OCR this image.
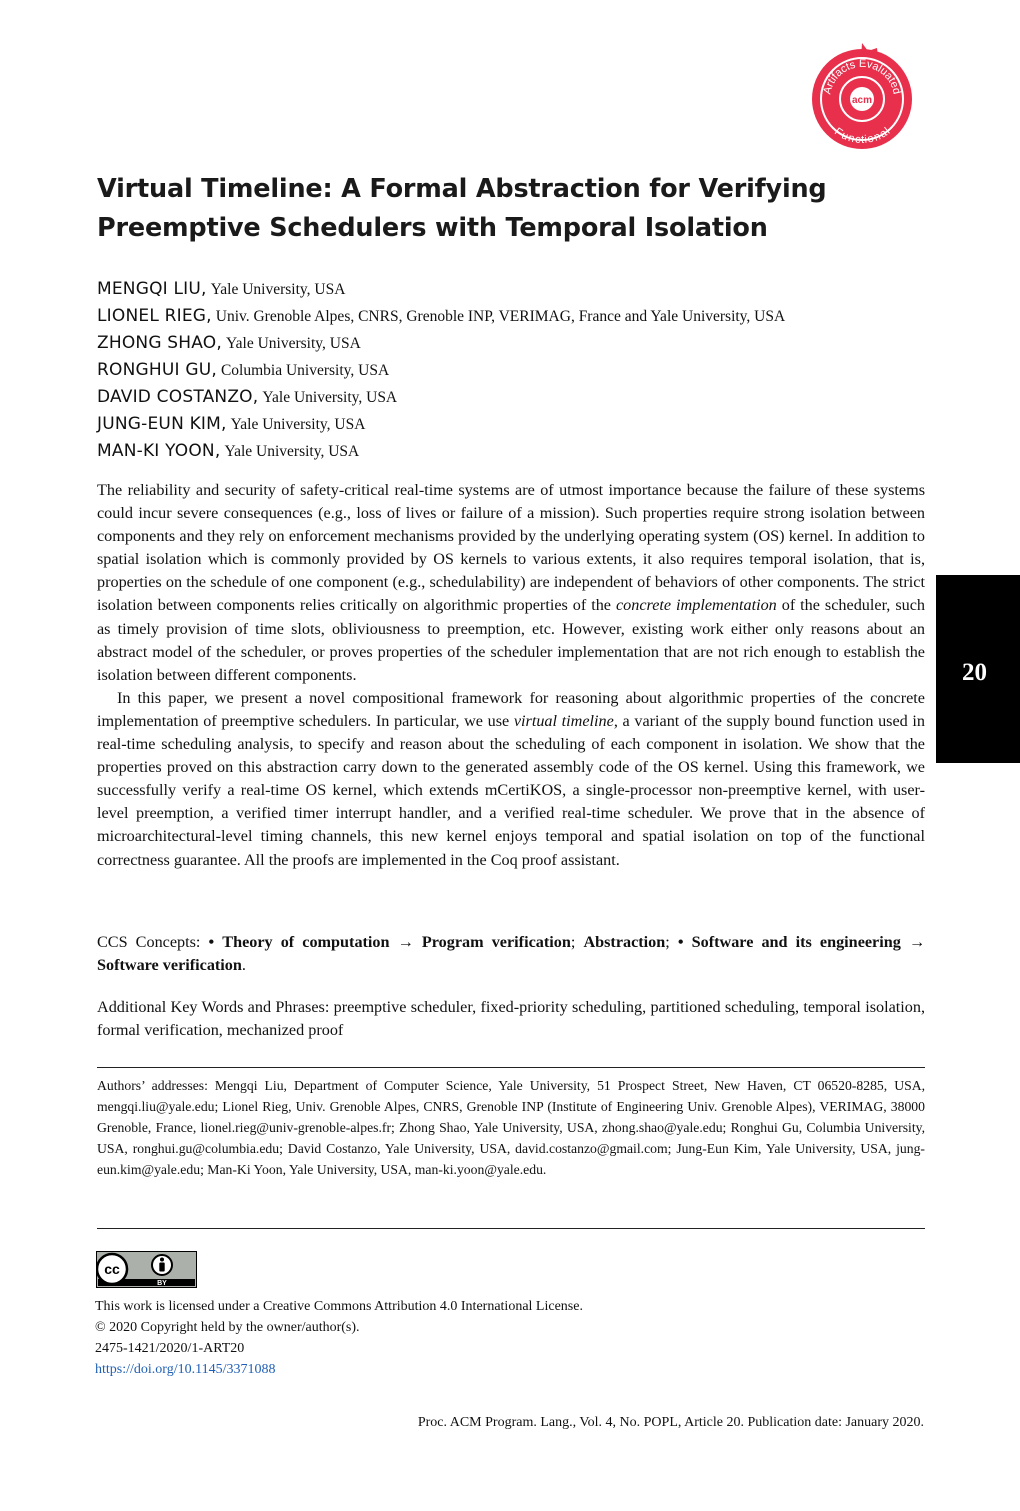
acm
Artifacts Evaluated
Functional
Virtual Timeline: A Formal Abstraction for Verifying Preemptive Schedulers with Temporal Isolation
MENGQI LIU, Yale University, USA
LIONEL RIEG, Univ. Grenoble Alpes, CNRS, Grenoble INP, VERIMAG, France and Yale University, USA
ZHONG SHAO, Yale University, USA
RONGHUI GU, Columbia University, USA
DAVID COSTANZO, Yale University, USA
JUNG-EUN KIM, Yale University, USA
MAN-KI YOON, Yale University, USA

The reliability and security of safety-critical real-time systems are of utmost importance because the failure of these systems could incur severe consequences (e.g., loss of lives or failure of a mission). Such properties require strong isolation between components and they rely on enforcement mechanisms provided by the underlying operating system (OS) kernel. In addition to spatial isolation which is commonly provided by OS kernels to various extents, it also requires temporal isolation, that is, properties on the schedule of one component (e.g., schedulability) are independent of behaviors of other components. The strict isolation between components relies critically on algorithmic properties of the concrete implementation of the scheduler, such as timely provision of time slots, obliviousness to preemption, etc. However, existing work either only reasons about an abstract model of the scheduler, or proves properties of the scheduler implementation that are not rich enough to establish the isolation between different components.

In this paper, we present a novel compositional framework for reasoning about algorithmic properties of the concrete implementation of preemptive schedulers. In particular, we use virtual timeline, a variant of the supply bound function used in real-time scheduling analysis, to specify and reason about the scheduling of each component in isolation. We show that the properties proved on this abstraction carry down to the generated assembly code of the OS kernel. Using this framework, we successfully verify a real-time OS kernel, which extends mCertiKOS, a single-processor non-preemptive kernel, with user-level preemption, a verified timer interrupt handler, and a verified real-time scheduler. We prove that in the absence of microarchitectural-level timing channels, this new kernel enjoys temporal and spatial isolation on top of the functional correctness guarantee. All the proofs are implemented in the Coq proof assistant.

CCS Concepts: • Theory of computation → Program verification; Abstraction; • Software and its engineering → Software verification.
Additional Key Words and Phrases: preemptive scheduler, fixed-priority scheduling, partitioned scheduling, temporal isolation, formal verification, mechanized proof
Authors’ addresses: Mengqi Liu, Department of Computer Science, Yale University, 51 Prospect Street, New Haven, CT 06520-8285, USA, mengqi.liu@yale.edu; Lionel Rieg, Univ. Grenoble Alpes, CNRS, Grenoble INP (Institute of Engineering Univ. Grenoble Alpes), VERIMAG, 38000 Grenoble, France, lionel.rieg@univ-grenoble-alpes.fr; Zhong Shao, Yale University, USA, zhong.shao@yale.edu; Ronghui Gu, Columbia University, USA, ronghui.gu@columbia.edu; David Costanzo, Yale University, USA, david.costanzo@gmail.com; Jung-Eun Kim, Yale University, USA, jung-eun.kim@yale.edu; Man-Ki Yoon, Yale University, USA, man-ki.yoon@yale.edu.
cc
BY
This work is licensed under a Creative Commons Attribution 4.0 International License.
© 2020 Copyright held by the owner/author(s).
2475-1421/2020/1-ART20
https://doi.org/10.1145/3371088
Proc. ACM Program. Lang., Vol. 4, No. POPL, Article 20. Publication date: January 2020.
20
